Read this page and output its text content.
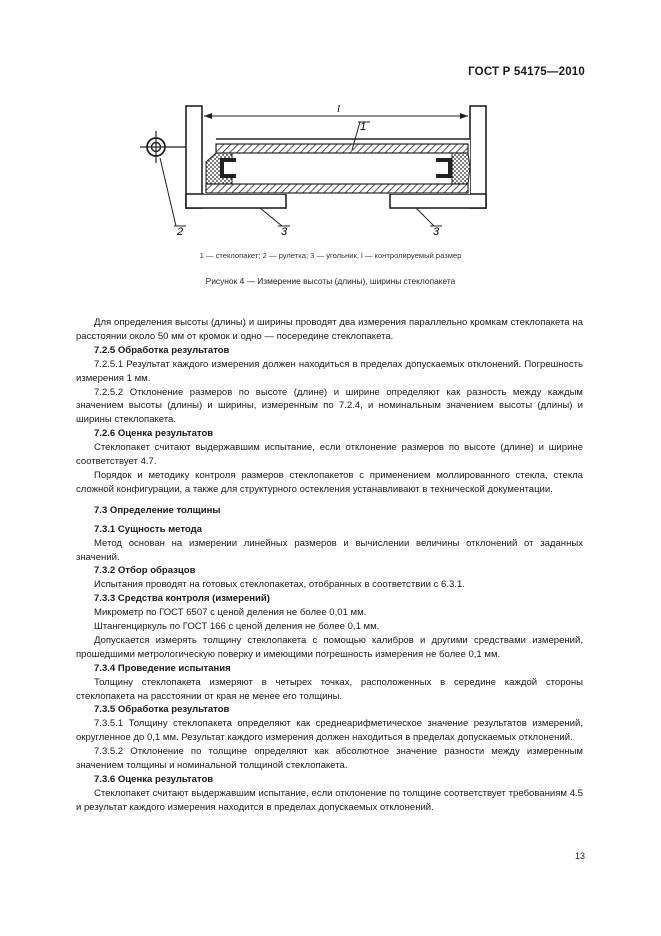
ГОСТ Р 54175—2010
l
1
2	3	3
1 — стеклопакет; 2 — рулетка; 3 — угольник, l — контролируемый размер
Рисунок 4 — Измерение высоты (длины), ширины стеклопакета

Для определения высоты (длины) и ширины проводят два измерения параллельно кромкам стеклопакета на расстоянии около 50 мм от кромок и одно — посередине стеклопакета.

7.2.5 Обработка результатов

7.2.5.1 Результат каждого измерения должен находиться в пределах допускаемых отклонений. Погрешность измерения 1 мм.

7.2.5.2 Отклонение размеров по высоте (длине) и ширине определяют как разность между каждым значением высоты (длины) и ширины, измеренным по 7.2.4, и номинальным значением высоты (длины) и ширины стеклопакета.

7.2.6 Оценка результатов

Стеклопакет считают выдержавшим испытание, если отклонение размеров по высоте (длине) и ширине соответствует 4.7.

Порядок и методику контроля размеров стеклопакетов с применением моллированного стекла, стекла сложной конфигурации, а также для структурного остекления устанавливают в технической документации.

7.3 Определение толщины
7.3.1 Сущность метода

Метод основан на измерении линейных размеров и вычислении величины отклонений от заданных значений.

7.3.2 Отбор образцов

Испытания проводят на готовых стеклопакетах, отобранных в соответствии с 6.3.1.

7.3.3 Средства контроля (измерений)

Микрометр по ГОСТ 6507 с ценой деления не более 0,01 мм.

Штангенциркуль по ГОСТ 166 с ценой деления не более 0,1 мм.

Допускается измерять толщину стеклопакета с помощью калибров и другими средствами измерений, прошедшими метрологическую поверку и имеющими погрешность измерения не более 0,1 мм.

7.3.4 Проведение испытания

Толщину стеклопакета измеряют в четырех точках, расположенных в середине каждой стороны стеклопакета на расстоянии от края не менее его толщины.

7.3.5 Обработка результатов

7.3.5.1 Толщину стеклопакета определяют как среднеарифметическое значение результатов измерений, округленное до 0,1 мм. Результат каждого измерения должен находиться в пределах допускаемых отклонений.

7.3.5.2 Отклонение по толщине определяют как абсолютное значение разности между измеренным значением толщины и номинальной толщиной стеклопакета.

7.3.6 Оценка результатов

Стеклопакет считают выдержавшим испытание, если отклонение по толщине соответствует требованиям 4.5 и результат каждого измерения находится в пределах допускаемых отклонений.

13
